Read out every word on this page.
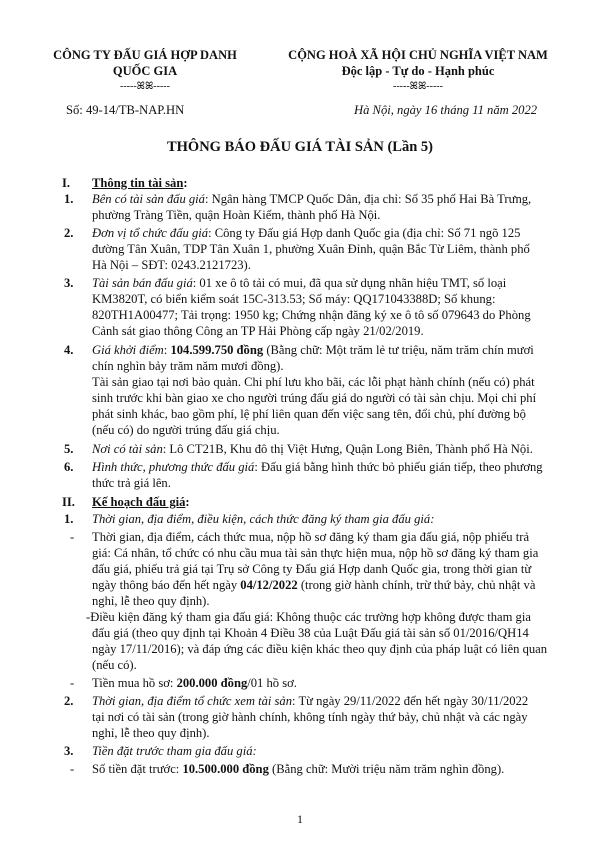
CÔNG TY ĐẤU GIÁ HỢP DANH
QUỐC GIA
-----ꕤꕤ-----
CỘNG HOÀ XÃ HỘI CHỦ NGHĨA VIỆT NAM
Độc lập - Tự do - Hạnh phúc
-----ꕤꕤ-----
Số: 49-14/TB-NAP.HN	Hà Nội, ngày 16 tháng 11 năm 2022
THÔNG BÁO ĐẤU GIÁ TÀI SẢN (Lần 5)
I. Thông tin tài sản:
1. Bên có tài sản đấu giá: Ngân hàng TMCP Quốc Dân, địa chỉ: Số 35 phố Hai Bà Trưng,
phường Tràng Tiền, quận Hoàn Kiếm, thành phố Hà Nội.
2. Đơn vị tổ chức đấu giá: Công ty Đấu giá Hợp danh Quốc gia (địa chỉ: Số 71 ngõ 125
đường Tân Xuân, TDP Tân Xuân 1, phường Xuân Đỉnh, quận Bắc Từ Liêm, thành phố
Hà Nội – SĐT: 0243.2121723).
3. Tài sản bán đấu giá: 01 xe ô tô tải có mui, đã qua sử dụng nhãn hiệu TMT, số loại
KM3820T, có biển kiểm soát 15C-313.53; Số máy: QQ171043388D; Số khung:
820TH1A00477; Tải trọng: 1950 kg; Chứng nhận đăng ký xe ô tô số 079643 do Phòng
Cảnh sát giao thông Công an TP Hải Phòng cấp ngày 21/02/2019.
4. Giá khởi điểm: 104.599.750 đồng (Bằng chữ: Một trăm lẻ tư triệu, năm trăm chín mươi
chín nghìn bảy trăm năm mươi đồng).
Tài sản giao tại nơi bảo quản. Chi phí lưu kho bãi, các lỗi phạt hành chính (nếu có) phát
sinh trước khi bàn giao xe cho người trúng đấu giá do người có tài sản chịu. Mọi chi phí
phát sinh khác, bao gồm phí, lệ phí liên quan đến việc sang tên, đổi chủ, phí đường bộ
(nếu có) do người trúng đấu giá chịu.
5. Nơi có tài sản: Lô CT21B, Khu đô thị Việt Hưng, Quận Long Biên, Thành phố Hà Nội.
6. Hình thức, phương thức đấu giá: Đấu giá bằng hình thức bỏ phiếu gián tiếp, theo phương
thức trả giá lên.
II. Kế hoạch đấu giá:
1. Thời gian, địa điểm, điều kiện, cách thức đăng ký tham gia đấu giá:
- Thời gian, địa điểm, cách thức mua, nộp hồ sơ đăng ký tham gia đấu giá, nộp phiếu trả
giá: Cá nhân, tổ chức có nhu cầu mua tài sản thực hiện mua, nộp hồ sơ đăng ký tham gia
đấu giá, phiếu trả giá tại Trụ sở Công ty Đấu giá Hợp danh Quốc gia, trong thời gian từ
ngày thông báo đến hết ngày 04/12/2022 (trong giờ hành chính, trừ thứ bảy, chủ nhật và
nghỉ, lễ theo quy định).
-Điều kiện đăng ký tham gia đấu giá: Không thuộc các trường hợp không được tham gia
đấu giá (theo quy định tại Khoản 4 Điều 38 của Luật Đấu giá tài sản số 01/2016/QH14
ngày 17/11/2016); và đáp ứng các điều kiện khác theo quy định của pháp luật có liên quan
(nếu có).
- Tiền mua hồ sơ: 200.000 đồng/01 hồ sơ.
2. Thời gian, địa điểm tổ chức xem tài sản: Từ ngày 29/11/2022 đến hết ngày 30/11/2022
tại nơi có tài sản (trong giờ hành chính, không tính ngày thứ bảy, chủ nhật và các ngày
nghỉ, lễ theo quy định).
3. Tiền đặt trước tham gia đấu giá:
- Số tiền đặt trước: 10.500.000 đồng (Bằng chữ: Mười triệu năm trăm nghìn đồng).
1
